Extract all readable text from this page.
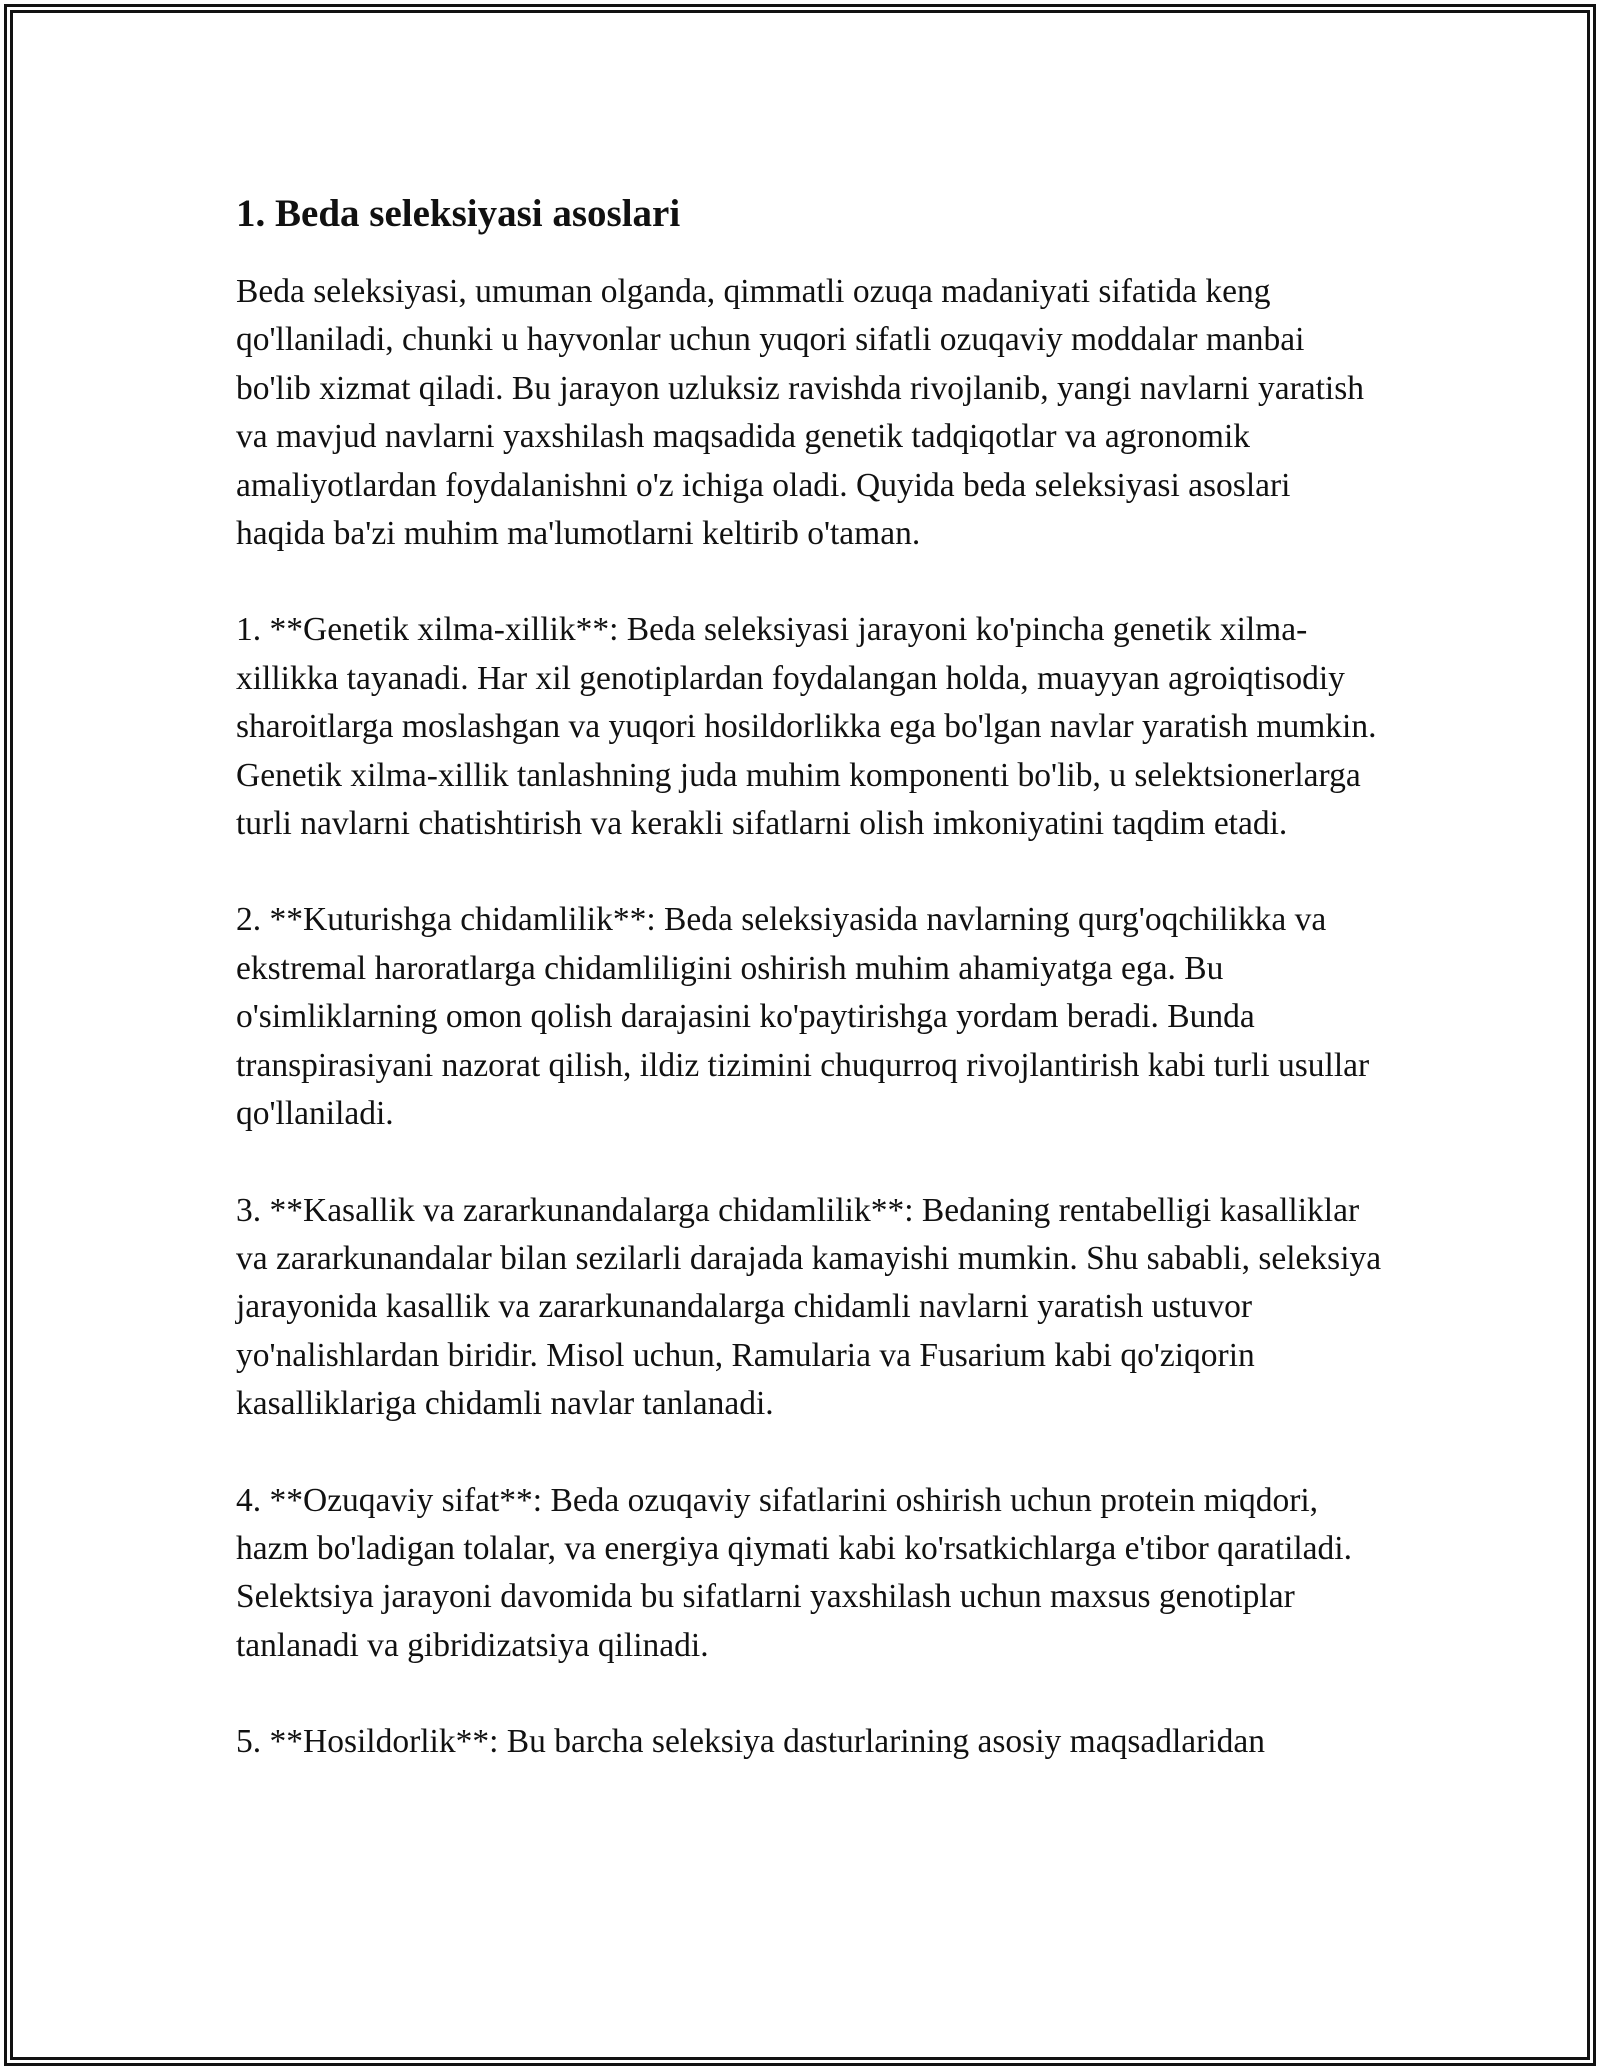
1. Beda seleksiyasi asoslari

Beda seleksiyasi, umuman olganda, qimmatli ozuqa madaniyati sifatida keng qo'llaniladi, chunki u hayvonlar uchun yuqori sifatli ozuqaviy moddalar manbai bo'lib xizmat qiladi. Bu jarayon uzluksiz ravishda rivojlanib, yangi navlarni yaratish va mavjud navlarni yaxshilash maqsadida genetik tadqiqotlar va agronomik amaliyotlardan foydalanishni o'z ichiga oladi. Quyida beda seleksiyasi asoslari haqida ba'zi muhim ma'lumotlarni keltirib o'taman.

1. **Genetik xilma-xillik**: Beda seleksiyasi jarayoni ko'pincha genetik xilma-xillikka tayanadi. Har xil genotiplardan foydalangan holda, muayyan agroiqtisodiy sharoitlarga moslashgan va yuqori hosildorlikka ega bo'lgan navlar yaratish mumkin. Genetik xilma-xillik tanlashning juda muhim komponenti bo'lib, u selektsionerlarga turli navlarni chatishtirish va kerakli sifatlarni olish imkoniyatini taqdim etadi.

2. **Kuturishga chidamlilik**: Beda seleksiyasida navlarning qurg'oqchilikka va ekstremal haroratlarga chidamliligini oshirish muhim ahamiyatga ega. Bu o'simliklarning omon qolish darajasini ko'paytirishga yordam beradi. Bunda transpirasiyani nazorat qilish, ildiz tizimini chuqurroq rivojlantirish kabi turli usullar qo'llaniladi.

3. **Kasallik va zararkunandalarga chidamlilik**: Bedaning rentabelligi kasalliklar va zararkunandalar bilan sezilarli darajada kamayishi mumkin. Shu sababli, seleksiya jarayonida kasallik va zararkunandalarga chidamli navlarni yaratish ustuvor yo'nalishlardan biridir. Misol uchun, Ramularia va Fusarium kabi qo'ziqorin kasalliklariga chidamli navlar tanlanadi.

4. **Ozuqaviy sifat**: Beda ozuqaviy sifatlarini oshirish uchun protein miqdori, hazm bo'ladigan tolalar, va energiya qiymati kabi ko'rsatkichlarga e'tibor qaratiladi. Selektsiya jarayoni davomida bu sifatlarni yaxshilash uchun maxsus genotiplar tanlanadi va gibridizatsiya qilinadi.

5. **Hosildorlik**: Bu barcha seleksiya dasturlarining asosiy maqsadlaridan
